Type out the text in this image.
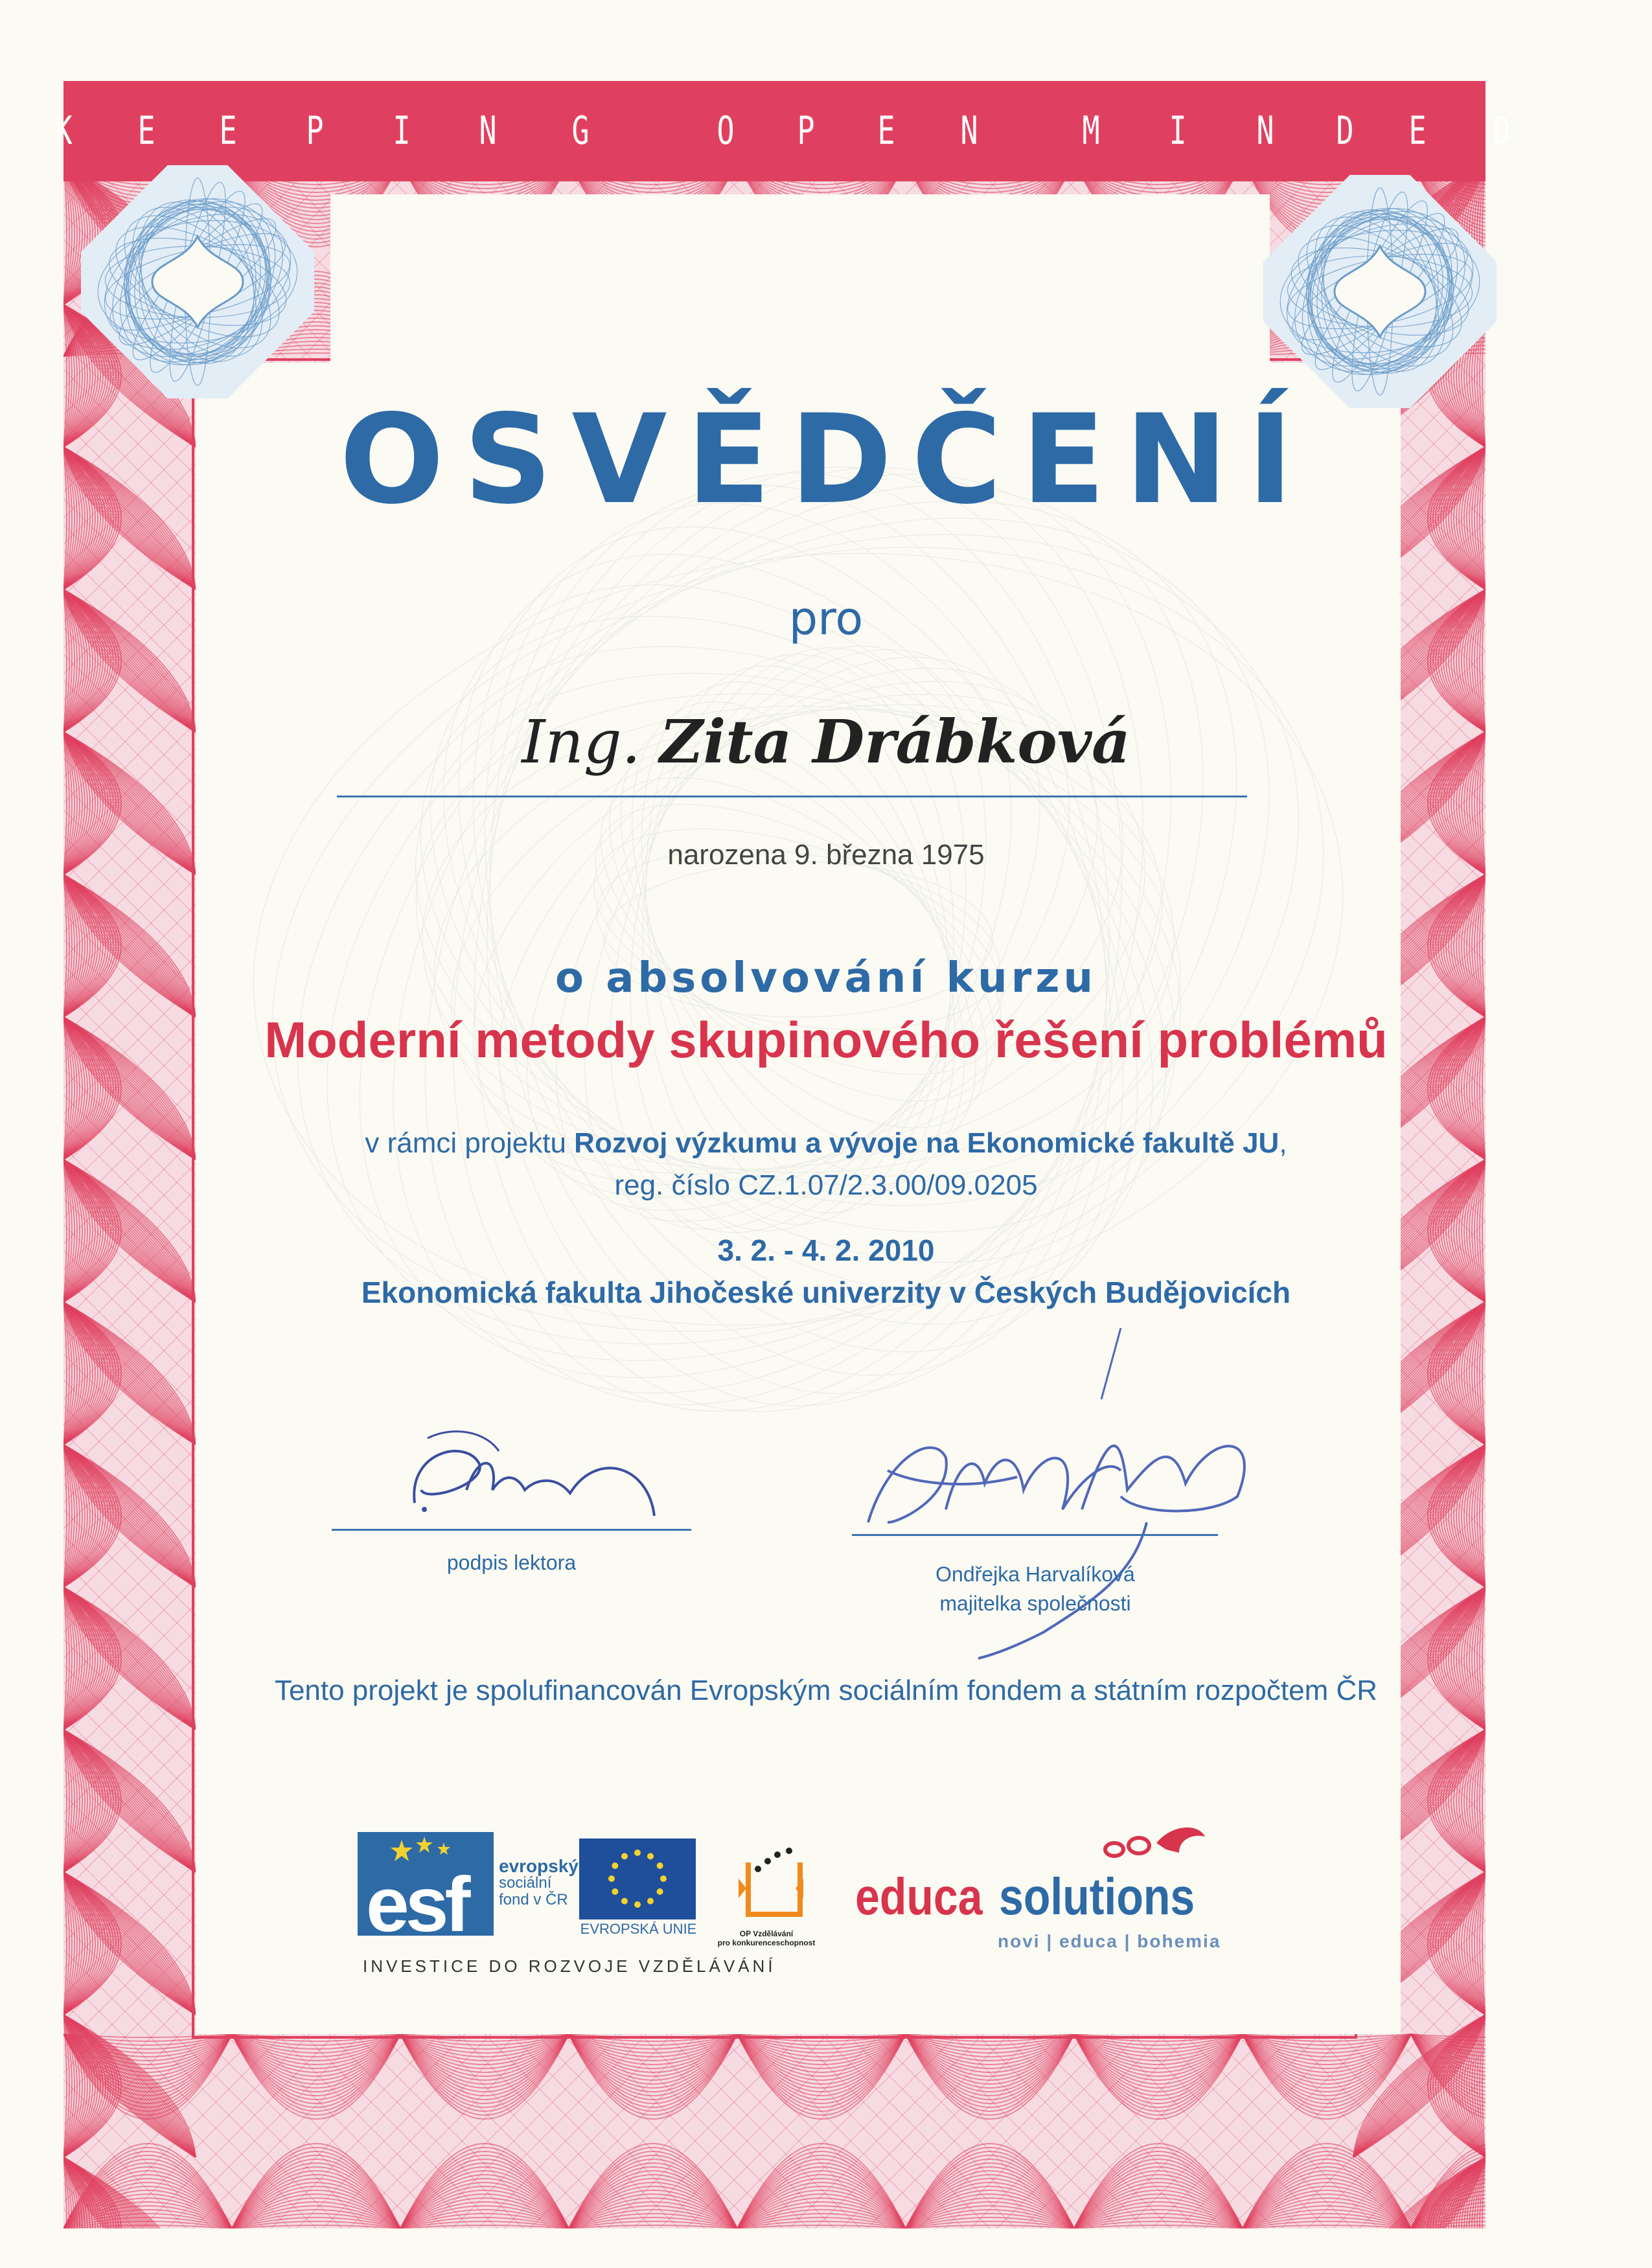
K E E P I N G	O P E N	M I N D E D
OSVĚDČENÍ
pro
Ing. Zita Drábková
narozena 9. března 1975
o absolvování kurzu
Moderní metody skupinového řešení problémů
v rámci projektu Rozvoj výzkumu a vývoje na Ekonomické fakultě JU,
reg. číslo CZ.1.07/2.3.00/09.0205
3. 2. - 4. 2. 2010
Ekonomická fakulta Jihočeské univerzity v Českých Budějovicích
podpis lektora	Ondřejka Harvalíková
majitelka společnosti
Tento projekt je spolufinancován Evropským sociálním fondem a státním rozpočtem ČR
esf evropský
sociální
fond v ČR
EVROPSKÁ UNIE	OP Vzdělávání
pro konkurenceschopnost
INVESTICE DO ROZVOJE VZDĚLÁVÁNÍ
educa solutions
novi | educa | bohemia
